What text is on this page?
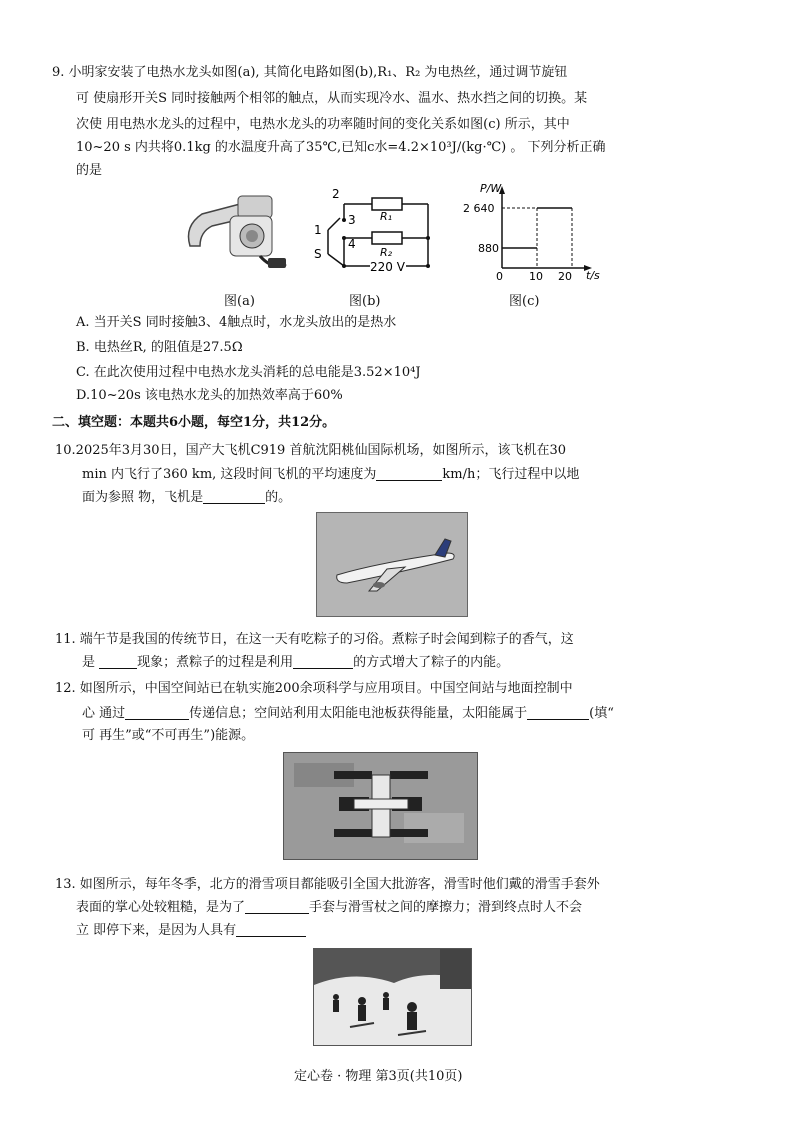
9. 小明家安装了电热水龙头如图(a), 其简化电路如图(b),R₁、R₂ 为电热丝，通过调节旋钮
可 使扇形开关S 同时接触两个相邻的触点，从而实现冷水、温水、热水挡之间的切换。某
次使 用电热水龙头的过程中，电热水龙头的功率随时间的变化关系如图(c) 所示，其中
10~20 s 内共将0.1kg 的水温度升高了35℃,已知c水=4.2×10³J/(kg·℃) 。 下列分析正确
的是
图(a)
2
3
1
4
S
R₁
R₂
220 V
图(b)
P/W
t/s
2 640
880
0 10 20
图(c)
A. 当开关S 同时接触3、4触点时，水龙头放出的是热水
B. 电热丝R, 的阻值是27.5Ω
C. 在此次使用过程中电热水龙头消耗的总电能是3.52×10⁴J
D.10~20s 该电热水龙头的加热效率高于60%
二、填空题：本题共6小题，每空1分，共12分。
10.2025年3月30日，国产大飞机C919 首航沈阳桃仙国际机场，如图所示，该飞机在30
min 内飞行了360 km, 这段时间飞机的平均速度为	km/h；飞行过程中以地
面为参照 物，飞机是	的。
11. 端午节是我国的传统节日，在这一天有吃粽子的习俗。煮粽子时会闻到粽子的香气，这
是	现象；煮粽子的过程是利用	的方式增大了粽子的内能。
12. 如图所示，中国空间站已在轨实施200余项科学与应用项目。中国空间站与地面控制中
心 通过	传递信息；空间站利用太阳能电池板获得能量，太阳能属于	(填“
可 再生”或“不可再生”)能源。
13. 如图所示，每年冬季，北方的滑雪项目都能吸引全国大批游客，滑雪时他们戴的滑雪手套外
表面的掌心处较粗糙，是为了	手套与滑雪杖之间的摩擦力；滑到终点时人不会
立 即停下来，是因为人具有
定心卷 · 物理 第3页(共10页)
